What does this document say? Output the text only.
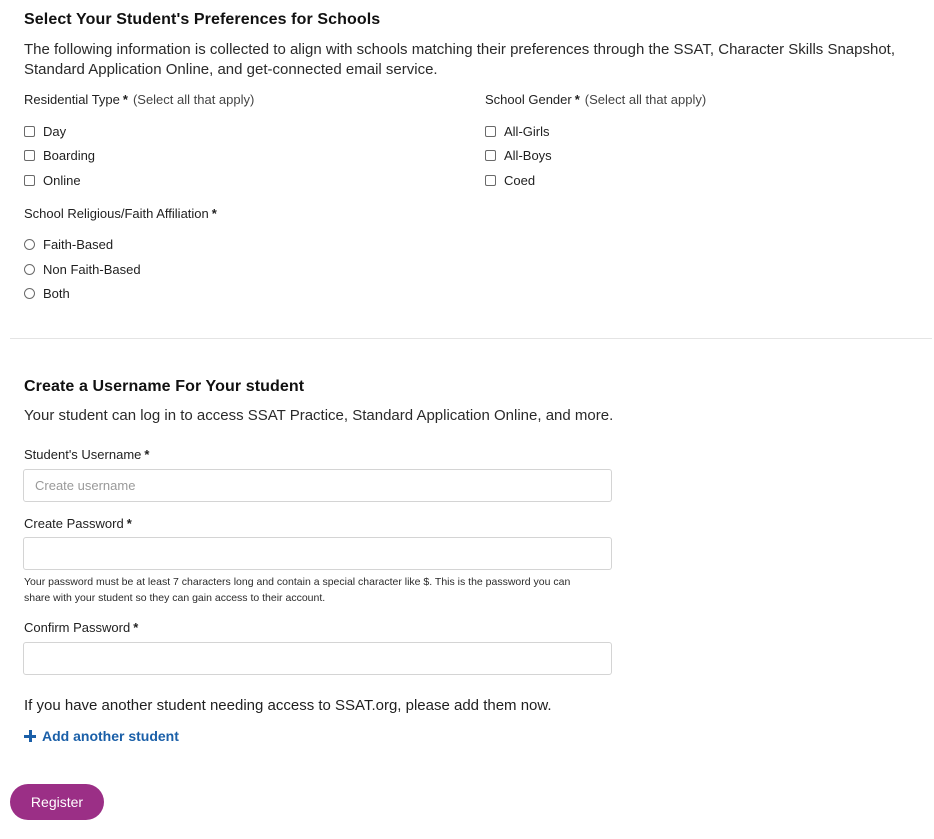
Select Your Student's Preferences for Schools
The following information is collected to align with schools matching their preferences through the SSAT, Character Skills Snapshot, Standard Application Online, and get-connected email service.
Residential Type * (Select all that apply)
Day
Boarding
Online
School Gender * (Select all that apply)
All-Girls
All-Boys
Coed
School Religious/Faith Affiliation *
Faith-Based
Non Faith-Based
Both
Create a Username For Your student
Your student can log in to access SSAT Practice, Standard Application Online, and more.
Student's Username *
Create username
Create Password *
Your password must be at least 7 characters long and contain a special character like $. This is the password you can share with your student so they can gain access to their account.
Confirm Password *
If you have another student needing access to SSAT.org, please add them now.
Add another student
Register
